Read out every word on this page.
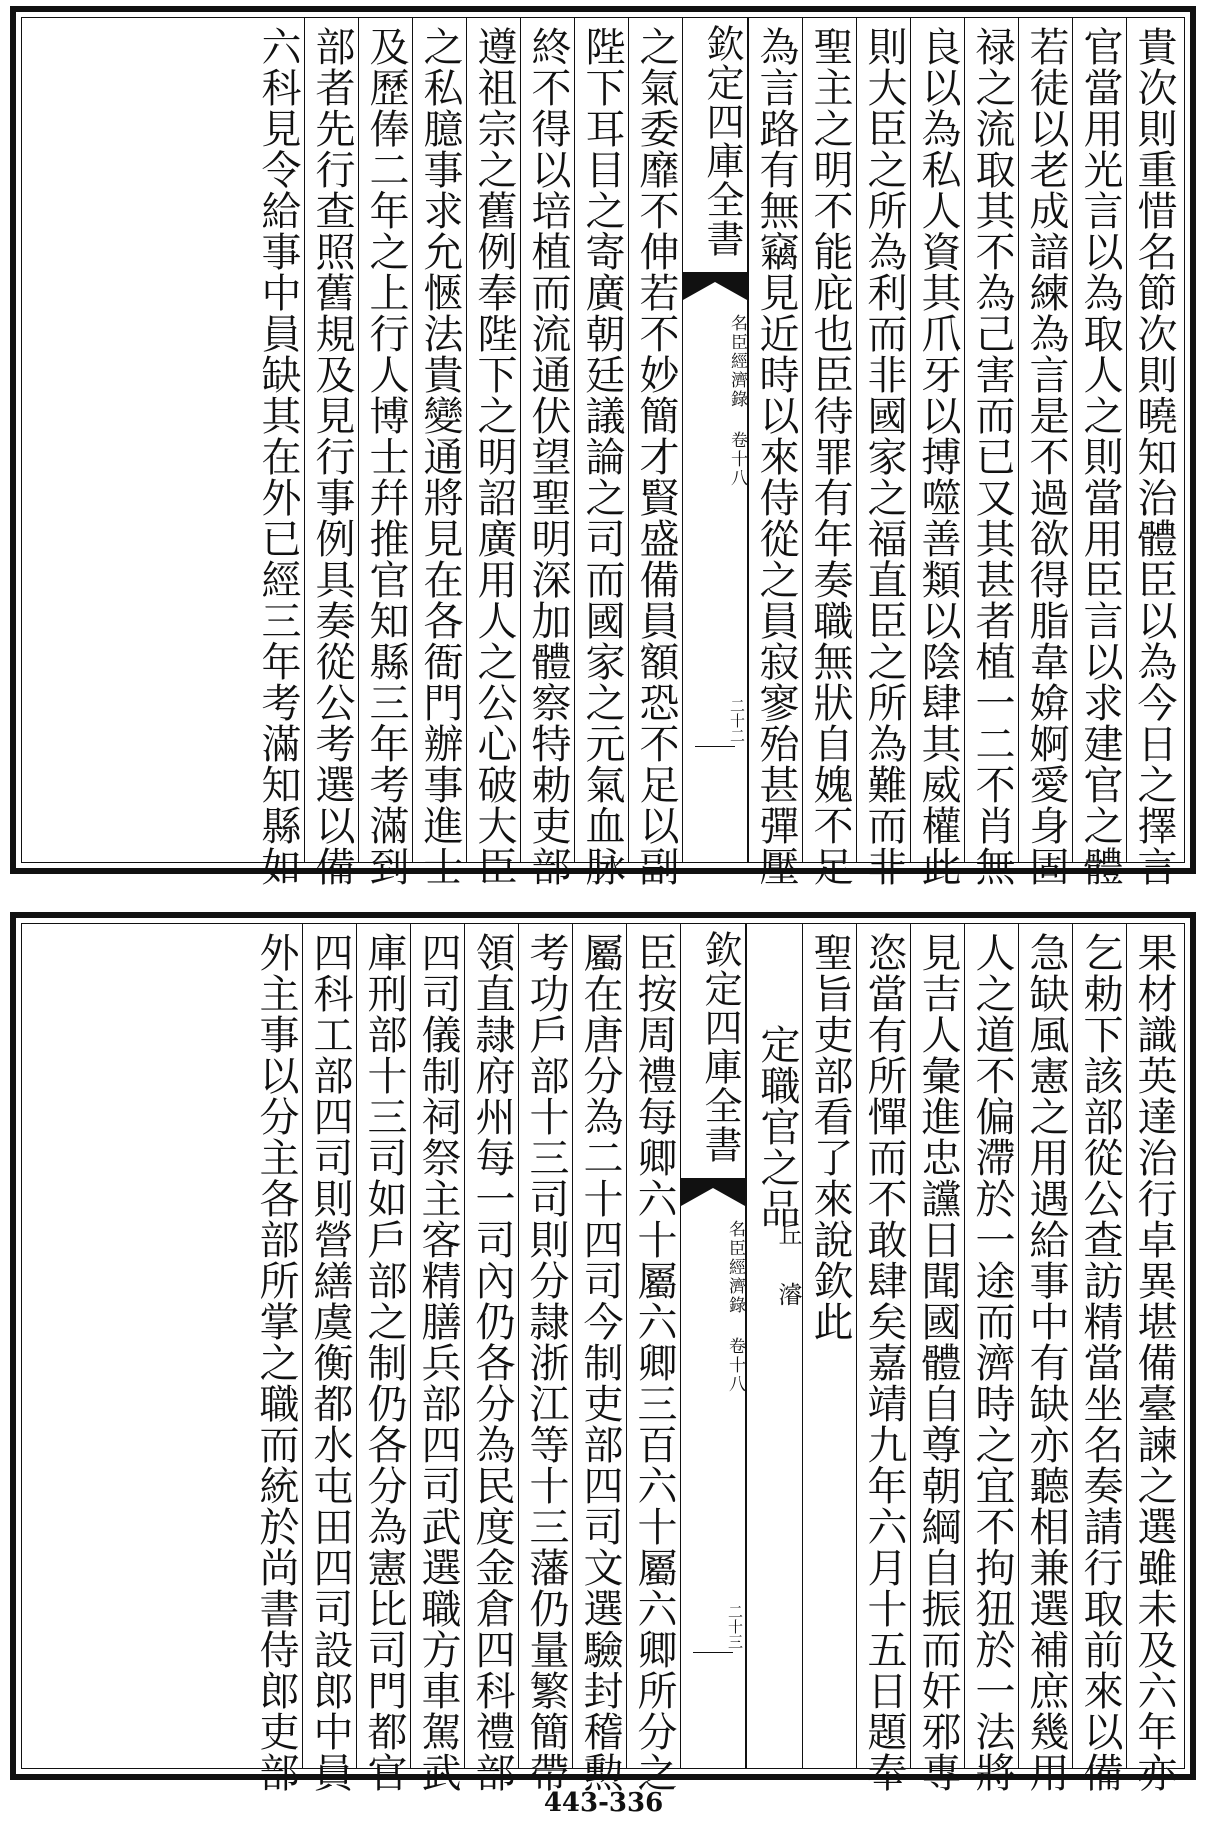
貴次則重惜名節次則曉知治體臣以為今日之擇言
官當用光言以為取人之則當用臣言以求建官之體
若徒以老成諳練為言是不過欲得脂韋媕婀愛身固
禄之流取其不為己害而已又其甚者植一二不肖無
良以為私人資其爪牙以搏噬善類以陰肆其威權此
則大臣之所為利而非國家之福直臣之所為難而非
聖主之明不能庇也臣待罪有年奏職無狀自媿不足
為言路有無竊見近時以來侍從之員寂寥殆甚彈壓
欽定四庫全書
名臣經濟錄 卷十八
二十二
之氣委靡不伸若不妙簡才賢盛備員額恐不足以副
陛下耳目之寄廣朝廷議論之司而國家之元氣血脉
終不得以培植而流通伏望聖明深加體察特勅吏部
遵祖宗之舊例奉陛下之明詔廣用人之公心破大臣
之私臆事求允愜法貴變通將見在各衙門辦事進士
及歷俸二年之上行人博士幷推官知縣三年考滿到
部者先行查照舊規及見行事例具奏從公考選以備
六科見令給事中員缺其在外已經三年考滿知縣如
果材識英達治行卓異堪備臺諫之選雖未及六年亦
乞勅下該部從公查訪精當坐名奏請行取前來以備
急缺風憲之用遇給事中有缺亦聽相兼選補庶幾用
人之道不偏滯於一途而濟時之宜不拘狃於一法將
見吉人彙進忠讜日聞國體自尊朝綱自振而奸邪專
恣當有所憚而不敢肆矣嘉靖九年六月十五日題奉
聖旨吏部看了來說欽此
定職官之品
丘 濬
欽定四庫全書
名臣經濟錄 卷十八
二十三
臣按周禮每卿六十屬六卿三百六十屬六卿所分之
屬在唐分為二十四司今制吏部四司文選驗封稽勲
考功戶部十三司則分隷浙江等十三藩仍量繁簡帶
領直隷府州每一司內仍各分為民度金倉四科禮部
四司儀制祠祭主客精膳兵部四司武選職方車駕武
庫刑部十三司如戶部之制仍各分為憲比司門都官
四科工部四司則營繕虞衡都水屯田四司設郎中員
外主事以分主各部所掌之職而統於尚書侍郎吏部
443-336
